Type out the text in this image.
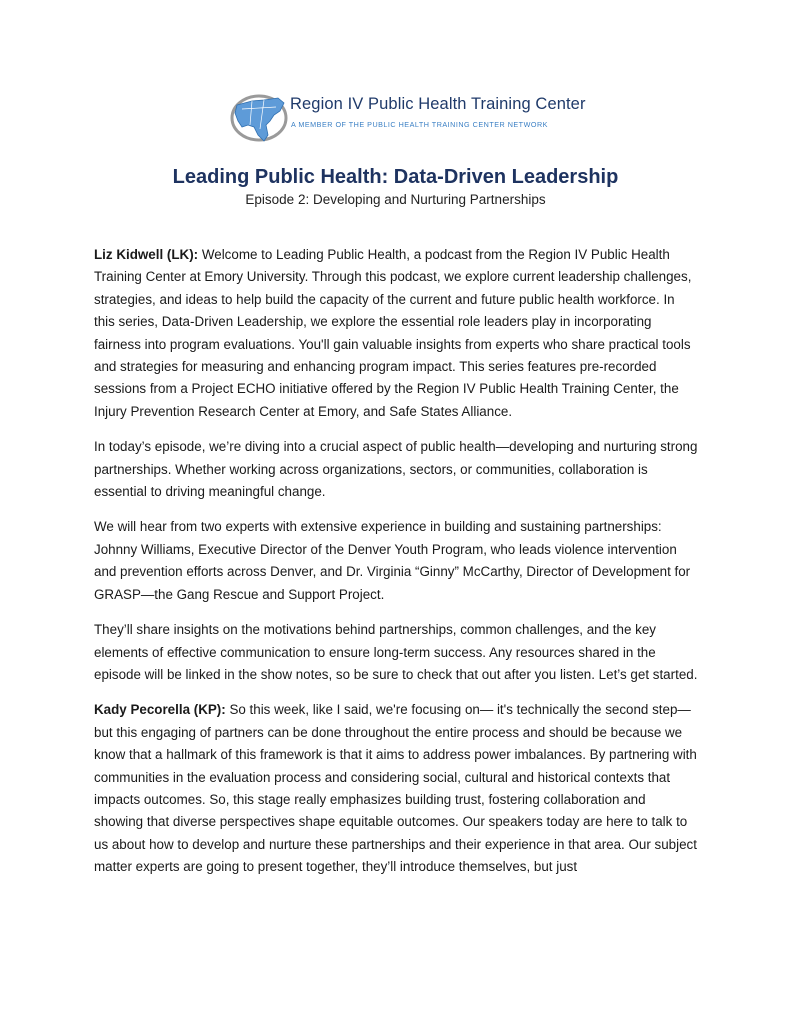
Region IV Public Health Training Center
A MEMBER OF THE PUBLIC HEALTH TRAINING CENTER NETWORK
Leading Public Health: Data-Driven Leadership
Episode 2: Developing and Nurturing Partnerships

Liz Kidwell (LK): Welcome to Leading Public Health, a podcast from the Region IV Public Health Training Center at Emory University. Through this podcast, we explore current leadership challenges, strategies, and ideas to help build the capacity of the current and future public health workforce. In this series, Data-Driven Leadership, we explore the essential role leaders play in incorporating fairness into program evaluations. You'll gain valuable insights from experts who share practical tools and strategies for measuring and enhancing program impact. This series features pre-recorded sessions from a Project ECHO initiative offered by the Region IV Public Health Training Center, the Injury Prevention Research Center at Emory, and Safe States Alliance.

In today’s episode, we’re diving into a crucial aspect of public health—developing and nurturing strong partnerships. Whether working across organizations, sectors, or communities, collaboration is essential to driving meaningful change.

We will hear from two experts with extensive experience in building and sustaining partnerships: Johnny Williams, Executive Director of the Denver Youth Program, who leads violence intervention and prevention efforts across Denver, and Dr. Virginia “Ginny” McCarthy, Director of Development for GRASP—the Gang Rescue and Support Project.

They’ll share insights on the motivations behind partnerships, common challenges, and the key elements of effective communication to ensure long-term success. Any resources shared in the episode will be linked in the show notes, so be sure to check that out after you listen. Let’s get started.

Kady Pecorella (KP): So this week, like I said, we're focusing on— it's technically the second step—but this engaging of partners can be done throughout the entire process and should be because we know that a hallmark of this framework is that it aims to address power imbalances. By partnering with communities in the evaluation process and considering social, cultural and historical contexts that impacts outcomes. So, this stage really emphasizes building trust, fostering collaboration and showing that diverse perspectives shape equitable outcomes. Our speakers today are here to talk to us about how to develop and nurture these partnerships and their experience in that area. Our subject matter experts are going to present together, they’ll introduce themselves, but just
